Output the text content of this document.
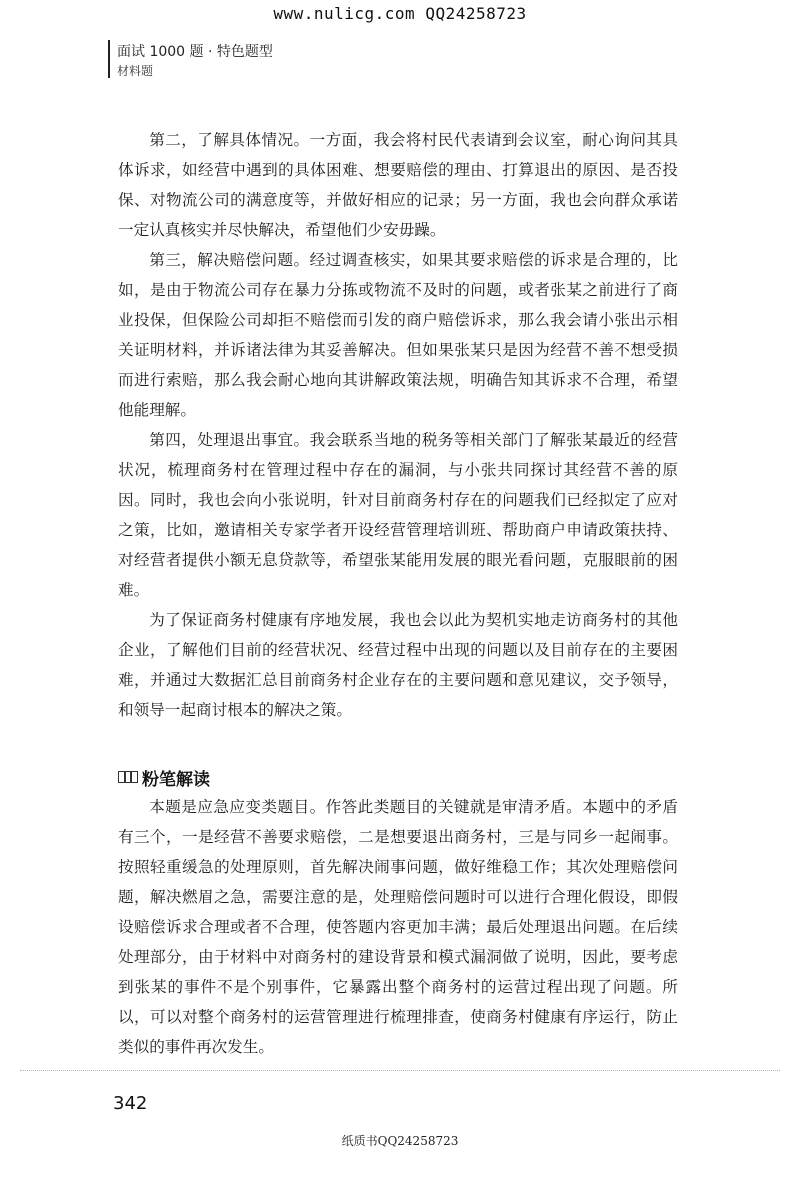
www.nulicg.com QQ24258723
面试 1000 题 · 特色题型
材料题

第二，了解具体情况。一方面，我会将村民代表请到会议室，耐心询问其具体诉求，如经营中遇到的具体困难、想要赔偿的理由、打算退出的原因、是否投保、对物流公司的满意度等，并做好相应的记录；另一方面，我也会向群众承诺一定认真核实并尽快解决，希望他们少安毋躁。

第三，解决赔偿问题。经过调查核实，如果其要求赔偿的诉求是合理的，比如，是由于物流公司存在暴力分拣或物流不及时的问题，或者张某之前进行了商业投保，但保险公司却拒不赔偿而引发的商户赔偿诉求，那么我会请小张出示相关证明材料，并诉诸法律为其妥善解决。但如果张某只是因为经营不善不想受损而进行索赔，那么我会耐心地向其讲解政策法规，明确告知其诉求不合理，希望他能理解。

第四，处理退出事宜。我会联系当地的税务等相关部门了解张某最近的经营状况，梳理商务村在管理过程中存在的漏洞，与小张共同探讨其经营不善的原因。同时，我也会向小张说明，针对目前商务村存在的问题我们已经拟定了应对之策，比如，邀请相关专家学者开设经营管理培训班、帮助商户申请政策扶持、对经营者提供小额无息贷款等，希望张某能用发展的眼光看问题，克服眼前的困难。

为了保证商务村健康有序地发展，我也会以此为契机实地走访商务村的其他企业，了解他们目前的经营状况、经营过程中出现的问题以及目前存在的主要困难，并通过大数据汇总目前商务村企业存在的主要问题和意见建议，交予领导，和领导一起商讨根本的解决之策。

粉笔解读

本题是应急应变类题目。作答此类题目的关键就是审清矛盾。本题中的矛盾有三个，一是经营不善要求赔偿，二是想要退出商务村，三是与同乡一起闹事。按照轻重缓急的处理原则，首先解决闹事问题，做好维稳工作；其次处理赔偿问题，解决燃眉之急，需要注意的是，处理赔偿问题时可以进行合理化假设，即假设赔偿诉求合理或者不合理，使答题内容更加丰满；最后处理退出问题。在后续处理部分，由于材料中对商务村的建设背景和模式漏洞做了说明，因此，要考虑到张某的事件不是个别事件，它暴露出整个商务村的运营过程出现了问题。所以，可以对整个商务村的运营管理进行梳理排查，使商务村健康有序运行，防止类似的事件再次发生。

342
纸质书QQ24258723
